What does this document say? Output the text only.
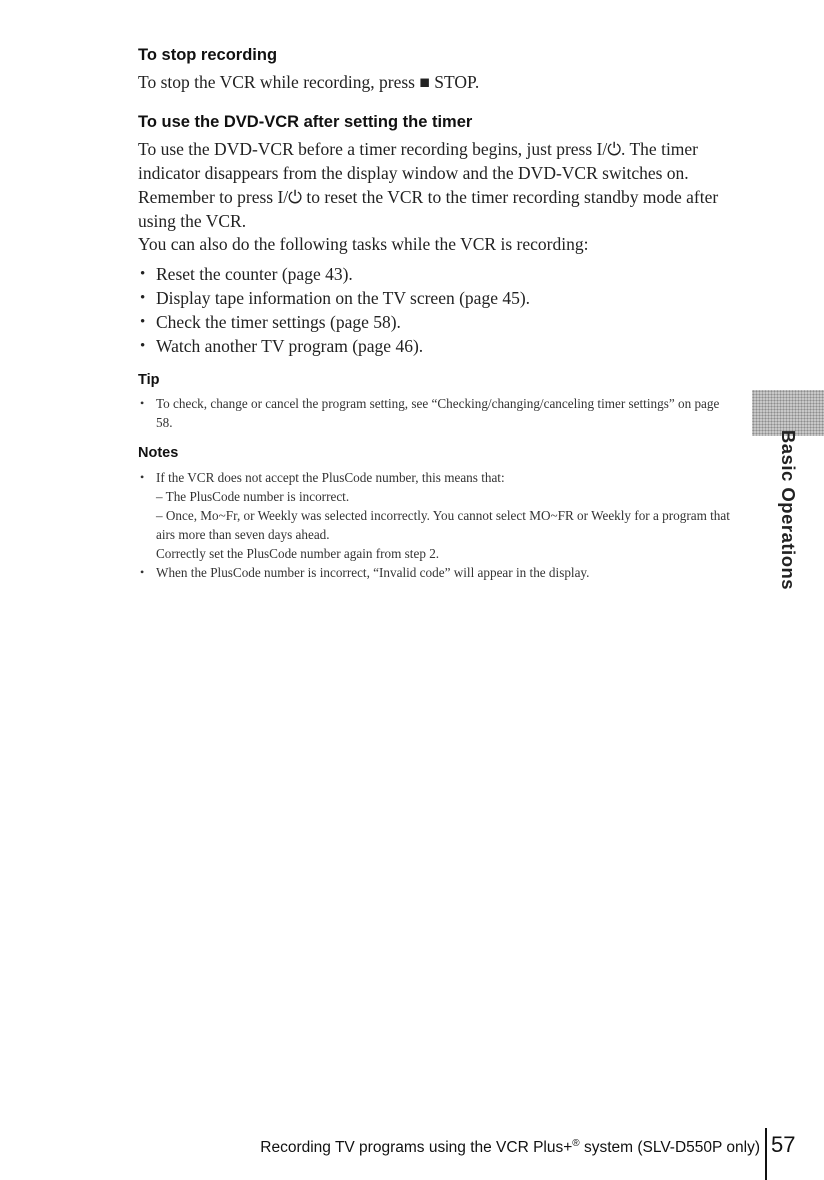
To stop recording

To stop the VCR while recording, press ■ STOP.

To use the DVD-VCR after setting the timer

To use the DVD-VCR before a timer recording begins, just press I/⏻. The timer indicator disappears from the display window and the DVD-VCR switches on. Remember to press I/⏻ to reset the VCR to the timer recording standby mode after using the VCR.

You can also do the following tasks while the VCR is recording:

• Reset the counter (page 43).
• Display tape information on the TV screen (page 45).
• Check the timer settings (page 58).
• Watch another TV program (page 46).
Tip
• To check, change or cancel the program setting, see “Checking/changing/canceling timer settings” on page 58.
Notes
• If the VCR does not accept the PlusCode number, this means that:
– The PlusCode number is incorrect.
– Once, Mo~Fr, or Weekly was selected incorrectly. You cannot select MO~FR or Weekly for a program that airs more than seven days ahead.
Correctly set the PlusCode number again from step 2.
• When the PlusCode number is incorrect, “Invalid code” will appear in the display.	Basic Operations
Recording TV programs using the VCR Plus+® system (SLV-D550P only) 57
